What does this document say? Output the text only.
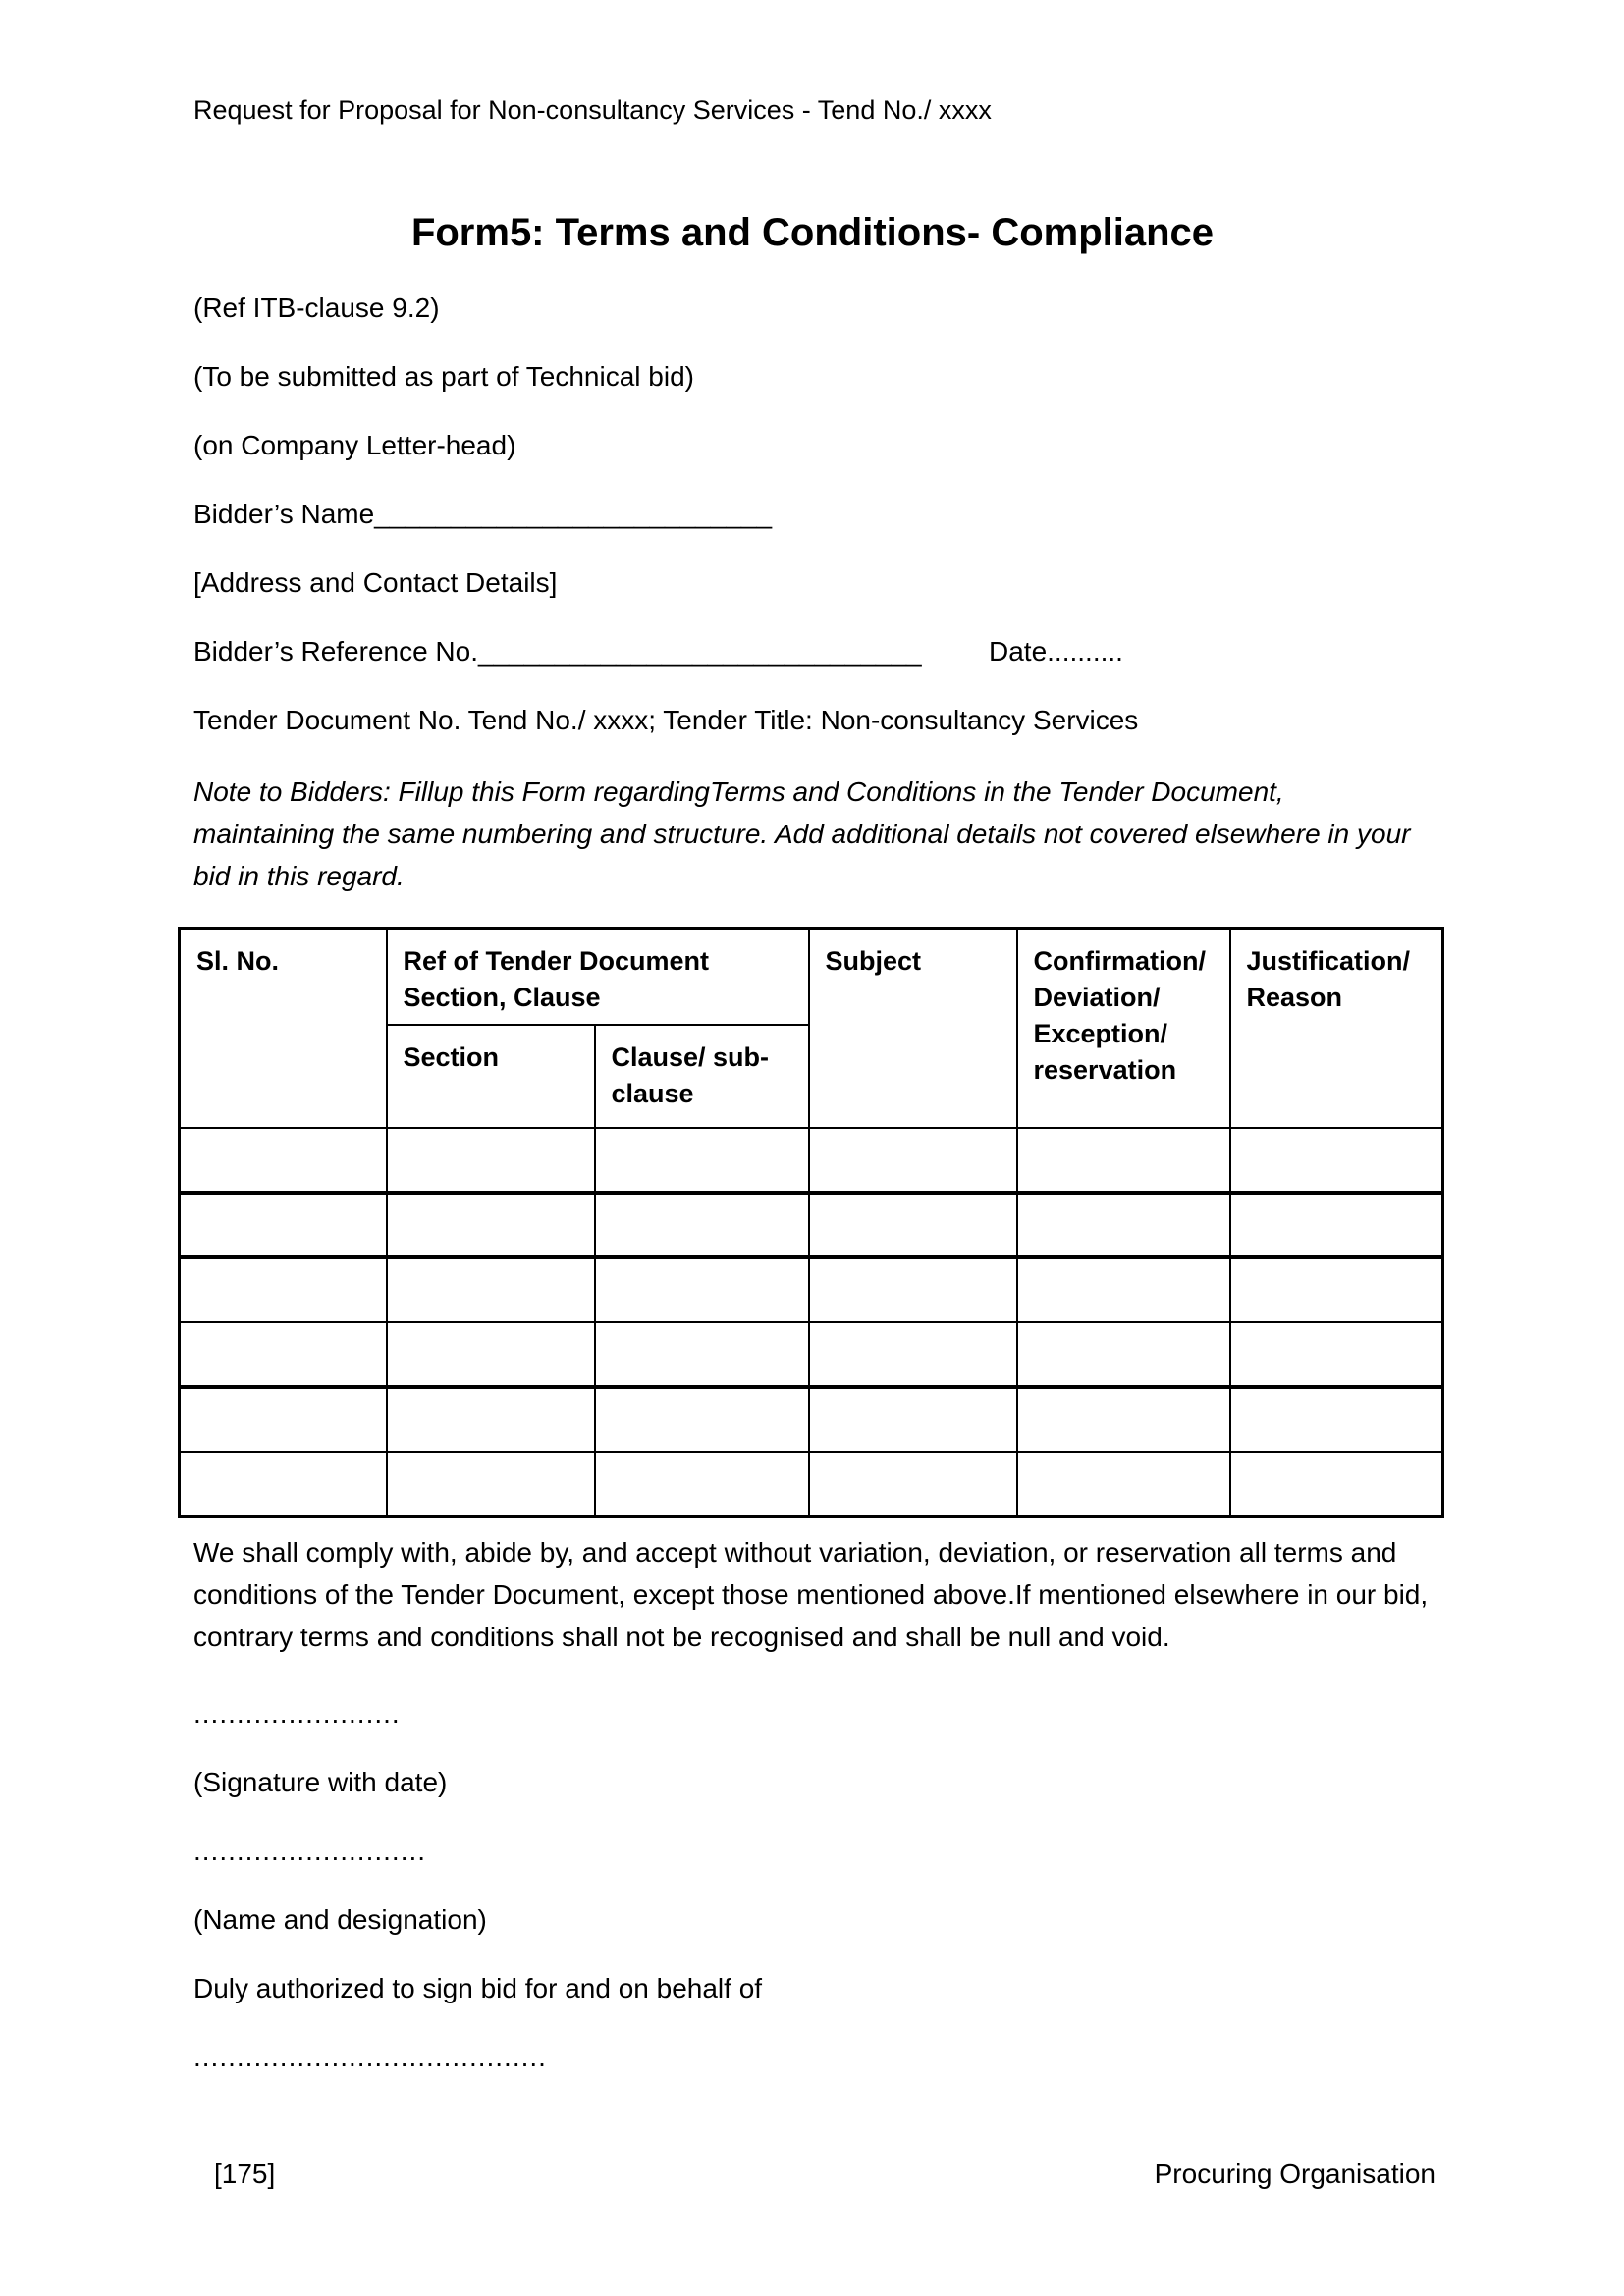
Request for Proposal for Non-consultancy Services - Tend No./ xxxx
Form5: Terms and Conditions- Compliance
(Ref ITB-clause 9.2)
(To be submitted as part of Technical bid)
(on Company Letter-head)
Bidder’s Name__________________________
[Address and Contact Details]
Bidder’s Reference No._____________________________ Date..........
Tender Document No. Tend No./ xxxx; Tender Title: Non-consultancy Services
Note to Bidders: Fillup this Form regardingTerms and Conditions in the Tender Document, maintaining the same numbering and structure. Add additional details not covered elsewhere in your bid in this regard.
Sl. No.	Ref of Tender Document Section, Clause		Subject	Confirmation/ Deviation/ Exception/ reservation	Justification/ Reason
	Section	Clause/ sub-clause			

We shall comply with, abide by, and accept without variation, deviation, or reservation all terms and conditions of the Tender Document, except those mentioned above.If mentioned elsewhere in our bid, contrary terms and conditions shall not be recognised and shall be null and void.
........................
(Signature with date)
...........................
(Name and designation)
Duly authorized to sign bid for and on behalf of
.........................................
[175]	Procuring Organisation
